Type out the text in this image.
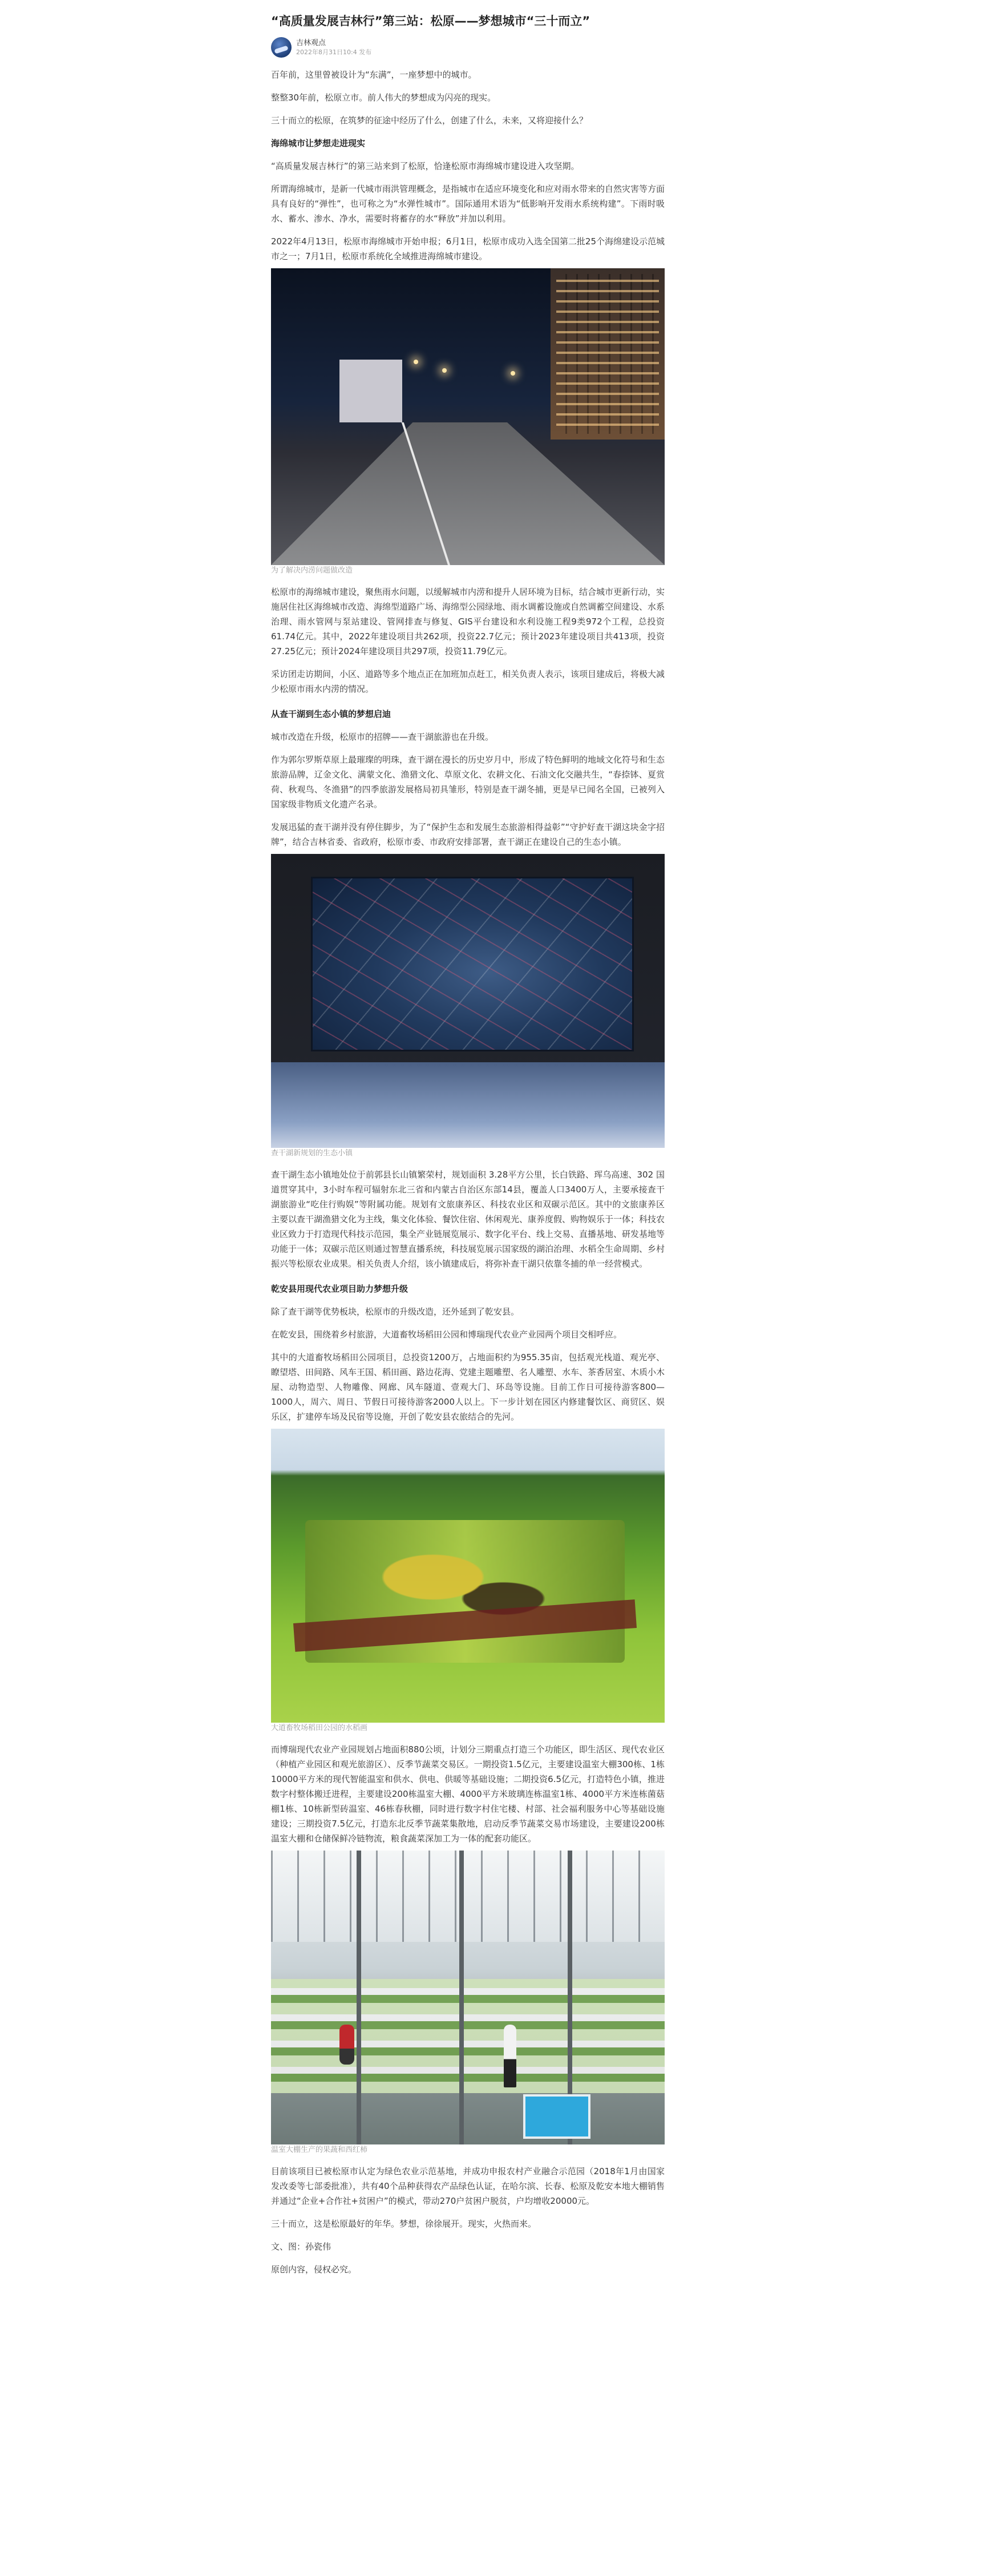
“高质量发展吉林行”第三站：松原——梦想城市“三十而立”
吉林观点
2022年8月31日10:4 发布

百年前，这里曾被设计为“东满”，一座梦想中的城市。

整整30年前，松原立市。前人伟大的梦想成为闪亮的现实。

三十而立的松原，在筑梦的征途中经历了什么，创建了什么，未来，又将迎接什么？

海绵城市让梦想走进现实

“高质量发展吉林行”的第三站来到了松原，恰逢松原市海绵城市建设进入攻坚期。

所谓海绵城市，是新一代城市雨洪管理概念，是指城市在适应环境变化和应对雨水带来的自然灾害等方面具有良好的“弹性”，也可称之为“水弹性城市”。国际通用术语为“低影响开发雨水系统构建”。下雨时吸水、蓄水、渗水、净水，需要时将蓄存的水“释放”并加以利用。

2022年4月13日，松原市海绵城市开始申报；6月1日，松原市成功入选全国第二批25个海绵建设示范城市之一；7月1日，松原市系统化全域推进海绵城市建设。

为了解决内涝问题做改造

松原市的海绵城市建设，聚焦雨水问题，以缓解城市内涝和提升人居环境为目标，结合城市更新行动，实施居住社区海绵城市改造、海绵型道路广场、海绵型公园绿地、雨水调蓄设施或自然调蓄空间建设、水系治理、雨水管网与泵站建设、管网排查与修复、GIS平台建设和水利设施工程9类972个工程，总投资61.74亿元。其中，2022年建设项目共262项，投资22.7亿元；预计2023年建设项目共413项，投资27.25亿元；预计2024年建设项目共297项，投资11.79亿元。

采访团走访期间，小区、道路等多个地点正在加班加点赶工，相关负责人表示，该项目建成后，将极大减少松原市雨水内涝的情况。

从查干湖到生态小镇的梦想启迪

城市改造在升级，松原市的招牌——查干湖旅游也在升级。

作为郭尔罗斯草原上最璀璨的明珠，查干湖在漫长的历史岁月中，形成了特色鲜明的地域文化符号和生态旅游品牌，辽金文化、满蒙文化、渔猎文化、草原文化、农耕文化、石油文化交融共生，“春捺钵、夏赏荷、秋观鸟、冬渔猎”的四季旅游发展格局初具雏形，特别是查干湖冬捕，更是早已闻名全国，已被列入国家级非物质文化遗产名录。

发展迅猛的查干湖并没有停住脚步，为了“保护生态和发展生态旅游相得益彰”“守护好查干湖这块金字招牌”，结合吉林省委、省政府，松原市委、市政府安排部署，查干湖正在建设自己的生态小镇。

查干湖新规划的生态小镇

查干湖生态小镇地处位于前郭县长山镇繁荣村，规划面积 3.28平方公里，长白铁路、珲乌高速、302 国道贯穿其中，3小时车程可辐射东北三省和内蒙古自治区东部14县，覆盖人口3400万人，主要承接查干湖旅游业“吃住行购娱”等附属功能。规划有文旅康养区、科技农业区和双碳示范区。其中的文旅康养区主要以查干湖渔猎文化为主线，集文化体验、餐饮住宿、休闲观光、康养度假、购物娱乐于一体；科技农业区致力于打造现代科技示范园，集全产业链展览展示、数字化平台、线上交易、直播基地、研发基地等功能于一体；双碳示范区则通过智慧直播系统，科技展览展示国家级的湖泊治理、水稻全生命周期、乡村振兴等松原农业成果。相关负责人介绍，该小镇建成后，将弥补查干湖只依靠冬捕的单一经营模式。

乾安县用现代农业项目助力梦想升级

除了查干湖等优势板块，松原市的升级改造，还外延到了乾安县。

在乾安县，围绕着乡村旅游，大道畜牧场稻田公园和博瑞现代农业产业园两个项目交相呼应。

其中的大道畜牧场稻田公园项目，总投资1200万，占地面积约为955.35亩，包括观光栈道、观光亭、瞭望塔、田间路、风车王国、稻田画、路边花海、党建主题雕塑、名人雕塑、水车、茶香居室、木质小木屋、动物造型、人物雕像、网廊、风车隧道、壹观大门、环岛等设施。目前工作日可接待游客800—1000人，周六、周日、节假日可接待游客2000人以上。下一步计划在园区内修建餐饮区、商贸区、娱乐区，扩建停车场及民宿等设施，开创了乾安县农旅结合的先河。

大道畜牧场稻田公园的水稻画

而博瑞现代农业产业园规划占地面积880公顷，计划分三期重点打造三个功能区，即生活区、现代农业区（种植产业园区和观光旅游区）、反季节蔬菜交易区。一期投资1.5亿元，主要建设温室大棚300栋、1栋10000平方米的现代智能温室和供水、供电、供暖等基础设施；二期投资6.5亿元，打造特色小镇，推进数字村整体搬迁进程，主要建设200栋温室大棚、4000平方米玻璃连栋温室1栋、4000平方米连栋菌菇棚1栋、10栋新型砖温室、46栋春秋棚，同时进行数字村住宅楼、村部、社会福利服务中心等基础设施建设；三期投资7.5亿元，打造东北反季节蔬菜集散地，启动反季节蔬菜交易市场建设，主要建设200栋温室大棚和仓储保鲜冷链物流，粮食蔬菜深加工为一体的配套功能区。

温室大棚生产的果蔬和西红柿

目前该项目已被松原市认定为绿色农业示范基地，并成功申报农村产业融合示范园（2018年1月由国家发改委等七部委批准），共有40个品种获得农产品绿色认证，在哈尔滨、长春、松原及乾安本地大棚销售并通过“企业+合作社+贫困户”的模式，带动270户贫困户脱贫，户均增收20000元。

三十而立，这是松原最好的年华。梦想，徐徐展开。现实，火热而来。

文、图：孙瓷伟

原创内容，侵权必究。
